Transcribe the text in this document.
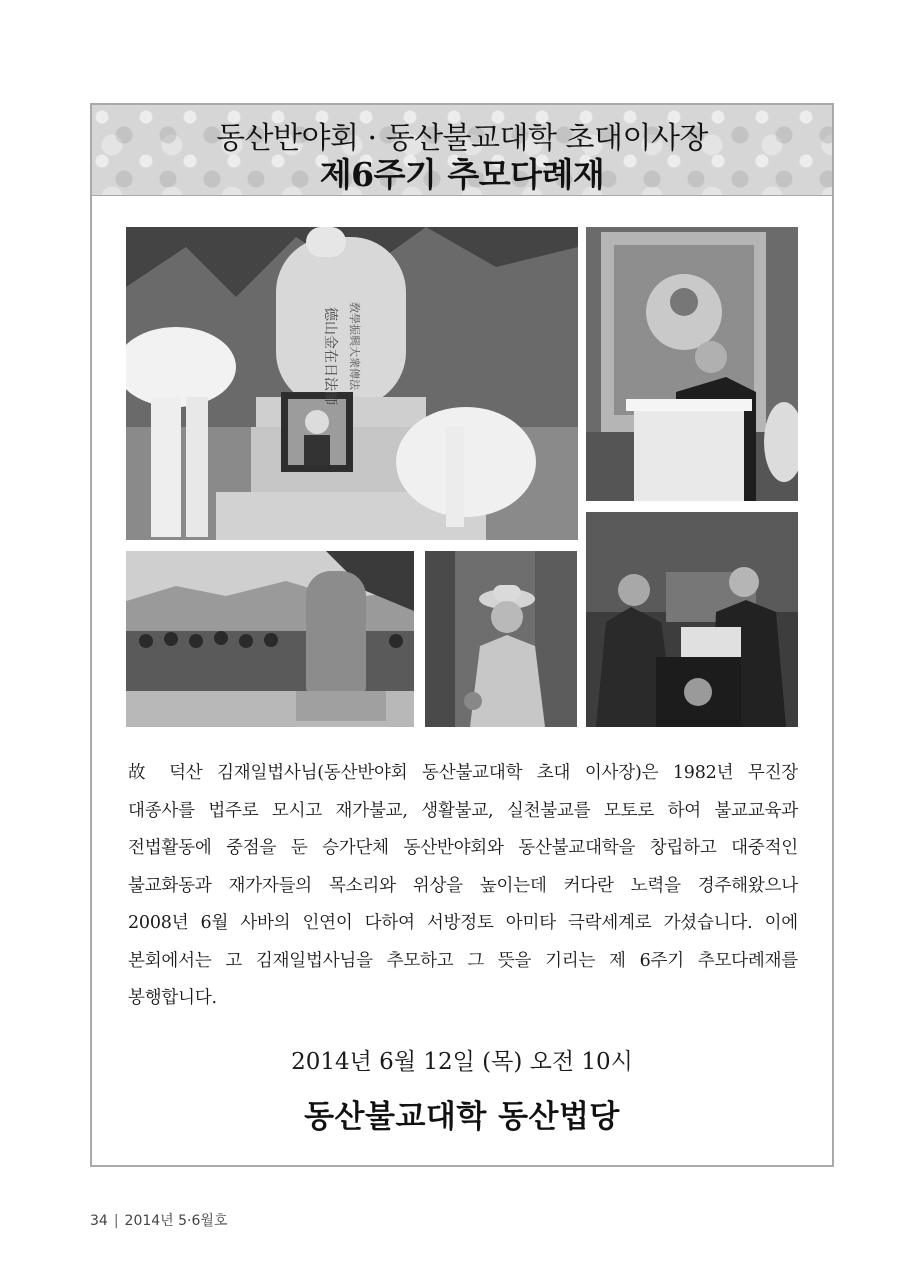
동산반야회 · 동산불교대학 초대이사장
제6주기 추모다례재
敎學振興大衆傳法
德山金在日法師
故 덕산 김재일법사님(동산반야회 동산불교대학 초대 이사장)은 1982년 무진장
대종사를 법주로 모시고 재가불교, 생활불교, 실천불교를 모토로 하여 불교교육과
전법활동에 중점을 둔 승가단체 동산반야회와 동산불교대학을 창립하고 대중적인
불교화동과 재가자들의 목소리와 위상을 높이는데 커다란 노력을 경주해왔으나
2008년 6월 사바의 인연이 다하여 서방정토 아미타 극락세계로 가셨습니다. 이에
본회에서는 고 김재일법사님을 추모하고 그 뜻을 기리는 제 6주기 추모다례재를
봉행합니다.
2014년 6월 12일 (목) 오전 10시
동산불교대학 동산법당
34 | 2014년 5·6월호
